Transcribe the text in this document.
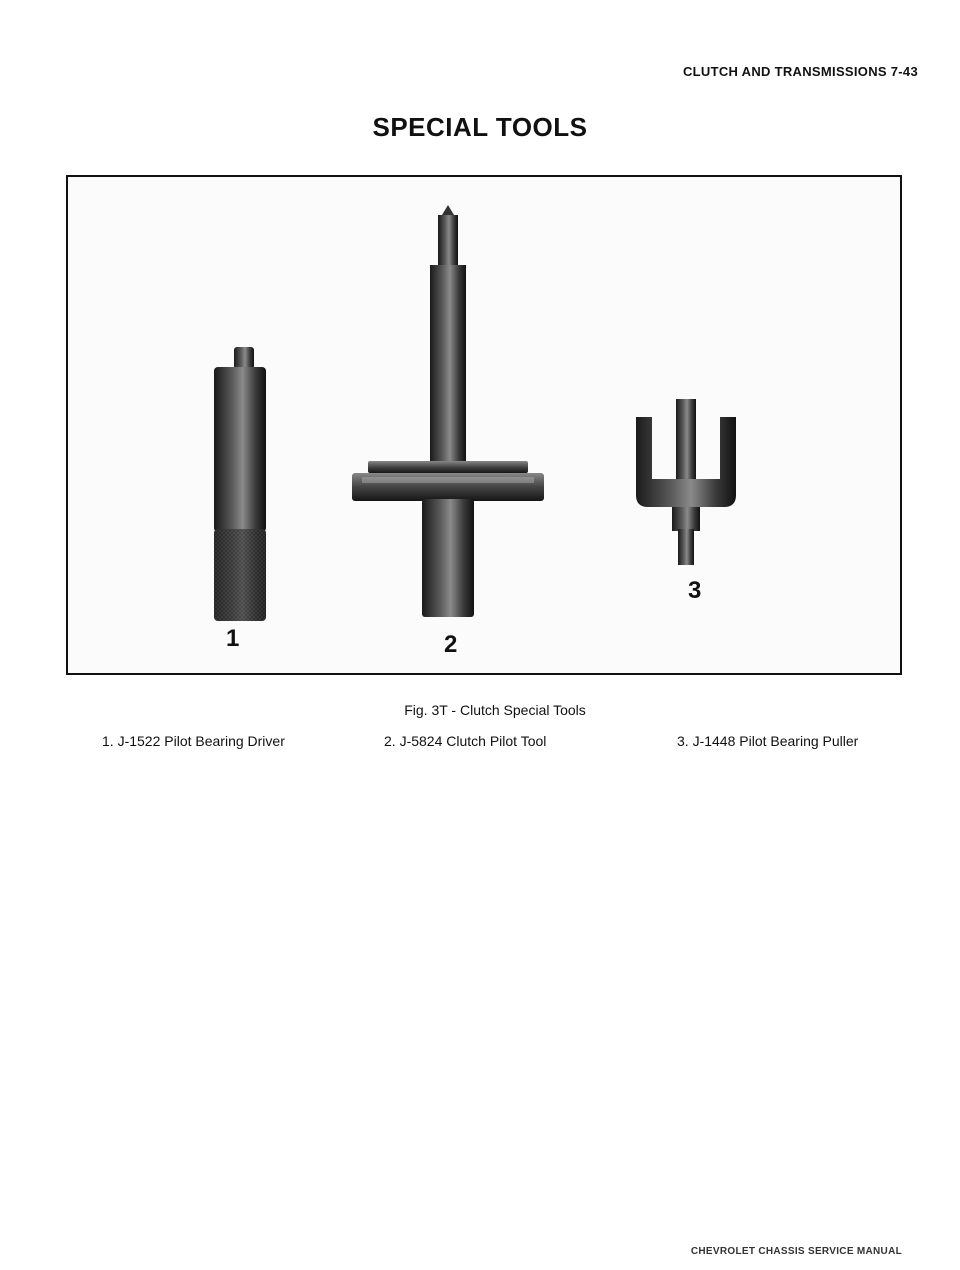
CLUTCH AND TRANSMISSIONS 7-43
SPECIAL TOOLS
1	2
3
Fig. 3T - Clutch Special Tools
1. J-1522 Pilot Bearing Driver	2. J-5824 Clutch Pilot Tool	3. J-1448 Pilot Bearing Puller
CHEVROLET CHASSIS SERVICE MANUAL
